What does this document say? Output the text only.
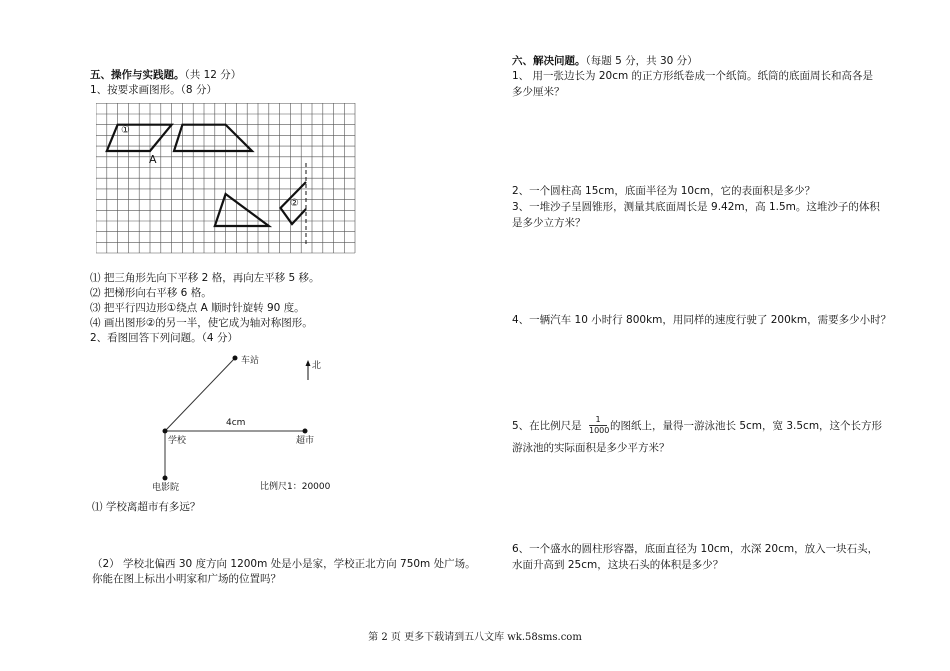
五、操作与实践题。（共 12 分）
1、按要求画图形。（8 分）
①
A
②
⑴ 把三角形先向下平移 2 格，再向左平移 5 移。
⑵ 把梯形向右平移 6 格。
⑶ 把平行四边形①绕点 A 顺时针旋转 90 度。
⑷ 画出图形②的另一半，使它成为轴对称图形。
2、看图回答下列问题。（4 分）
车站	北
4cm
学校	超市
电影院	比例尺1：20000
⑴ 学校离超市有多远？
（2） 学校北偏西 30 度方向 1200m 处是小是家，学校正北方向 750m 处广场。
你能在图上标出小明家和广场的位置吗？
六、解决问题。（每题 5 分，共 30 分）
1、 用一张边长为 20cm 的正方形纸卷成一个纸筒。纸筒的底面周长和高各是
多少厘米？
2、一个圆柱高 15cm，底面半径为 10cm，它的表面积是多少？
3、一堆沙子呈圆锥形，测量其底面周长是 9.42m，高 1.5m。这堆沙子的体积
是多少立方米？
4、一辆汽车 10 小时行 800km，用同样的速度行驶了 200km，需要多少小时？
5、在比例尺是 $\frac{1}{1000}$ 的图纸上，量得一游泳池长 5cm，宽 3.5cm，这个长方形
游泳池的实际面积是多少平方米？
6、一个盛水的圆柱形容器，底面直径为 10cm，水深 20cm，放入一块石头，
水面升高到 25cm，这块石头的体积是多少？
第 2 页 更多下载请到五八文库 wk.58sms.com
